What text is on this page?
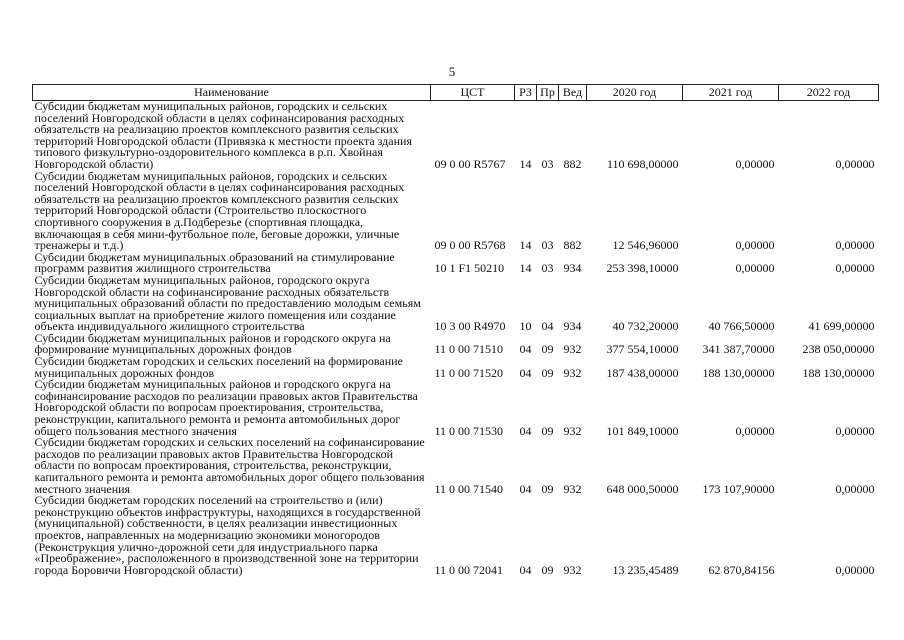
5
Наименование	ЦСТ	РЗ	Пр	Вед	2020 год	2021 год	2022 год
Субсидии бюджетам муниципальных районов, городских и сельских поселений Новгородской области в целях софинансирования расходных обязательств на реализацию проектов комплексного развития сельских территорий Новгородской области (Привязка к местности проекта здания типового физкультурно-оздоровительного комплекса в р.п. Хвойная Новгородской области)	09 0 00 R5767	14	03	882	110 698,00000	0,00000	0,00000
Субсидии бюджетам муниципальных районов, городских и сельских поселений Новгородской области в целях софинансирования расходных обязательств на реализацию проектов комплексного развития сельских территорий Новгородской области (Строительство плоскостного спортивного сооружения в д.Подберезье (спортивная площадка, включающая в себя мини-футбольное поле, беговые дорожки, уличные тренажеры и т.д.)	09 0 00 R5768	14	03	882	12 546,96000	0,00000	0,00000
Субсидии бюджетам муниципальных образований на стимулирование программ развития жилищного строительства	10 1 F1 50210	14	03	934	253 398,10000	0,00000	0,00000
Субсидии бюджетам муниципальных районов, городского округа Новгородской области на софинансирование расходных обязательств муниципальных образований области по предоставлению молодым семьям социальных выплат на приобретение жилого помещения или создание объекта индивидуального жилищного строительства	10 3 00 R4970	10	04	934	40 732,20000	40 766,50000	41 699,00000
Субсидии бюджетам муниципальных районов и городского округа на формирование муниципальных дорожных фондов	11 0 00 71510	04	09	932	377 554,10000	341 387,70000	238 050,00000
Субсидии бюджетам городских и сельских поселений на формирование муниципальных дорожных фондов	11 0 00 71520	04	09	932	187 438,00000	188 130,00000	188 130,00000
Субсидии бюджетам муниципальных районов и городского округа на софинансирование расходов по реализации правовых актов Правительства Новгородской области по вопросам проектирования, строительства, реконструкции, капитального ремонта и ремонта автомобильных дорог общего пользования местного значения	11 0 00 71530	04	09	932	101 849,10000	0,00000	0,00000
Субсидии бюджетам городских и сельских поселений на софинансирование расходов по реализации правовых актов Правительства Новгородской области по вопросам проектирования, строительства, реконструкции, капитального ремонта и ремонта автомобильных дорог общего пользования местного значения	11 0 00 71540	04	09	932	648 000,50000	173 107,90000	0,00000
Субсидии бюджетам городских поселений на строительство и (или) реконструкцию объектов инфраструктуры, находящихся в государственной (муниципальной) собственности, в целях реализации инвестиционных проектов, направленных на модернизацию экономики моногородов (Реконструкция улично-дорожной сети для индустриального парка «Преображение», расположенного в производственной зоне на территории города Боровичи Новгородской области)	11 0 00 72041	04	09	932	13 235,45489	62 870,84156	0,00000
